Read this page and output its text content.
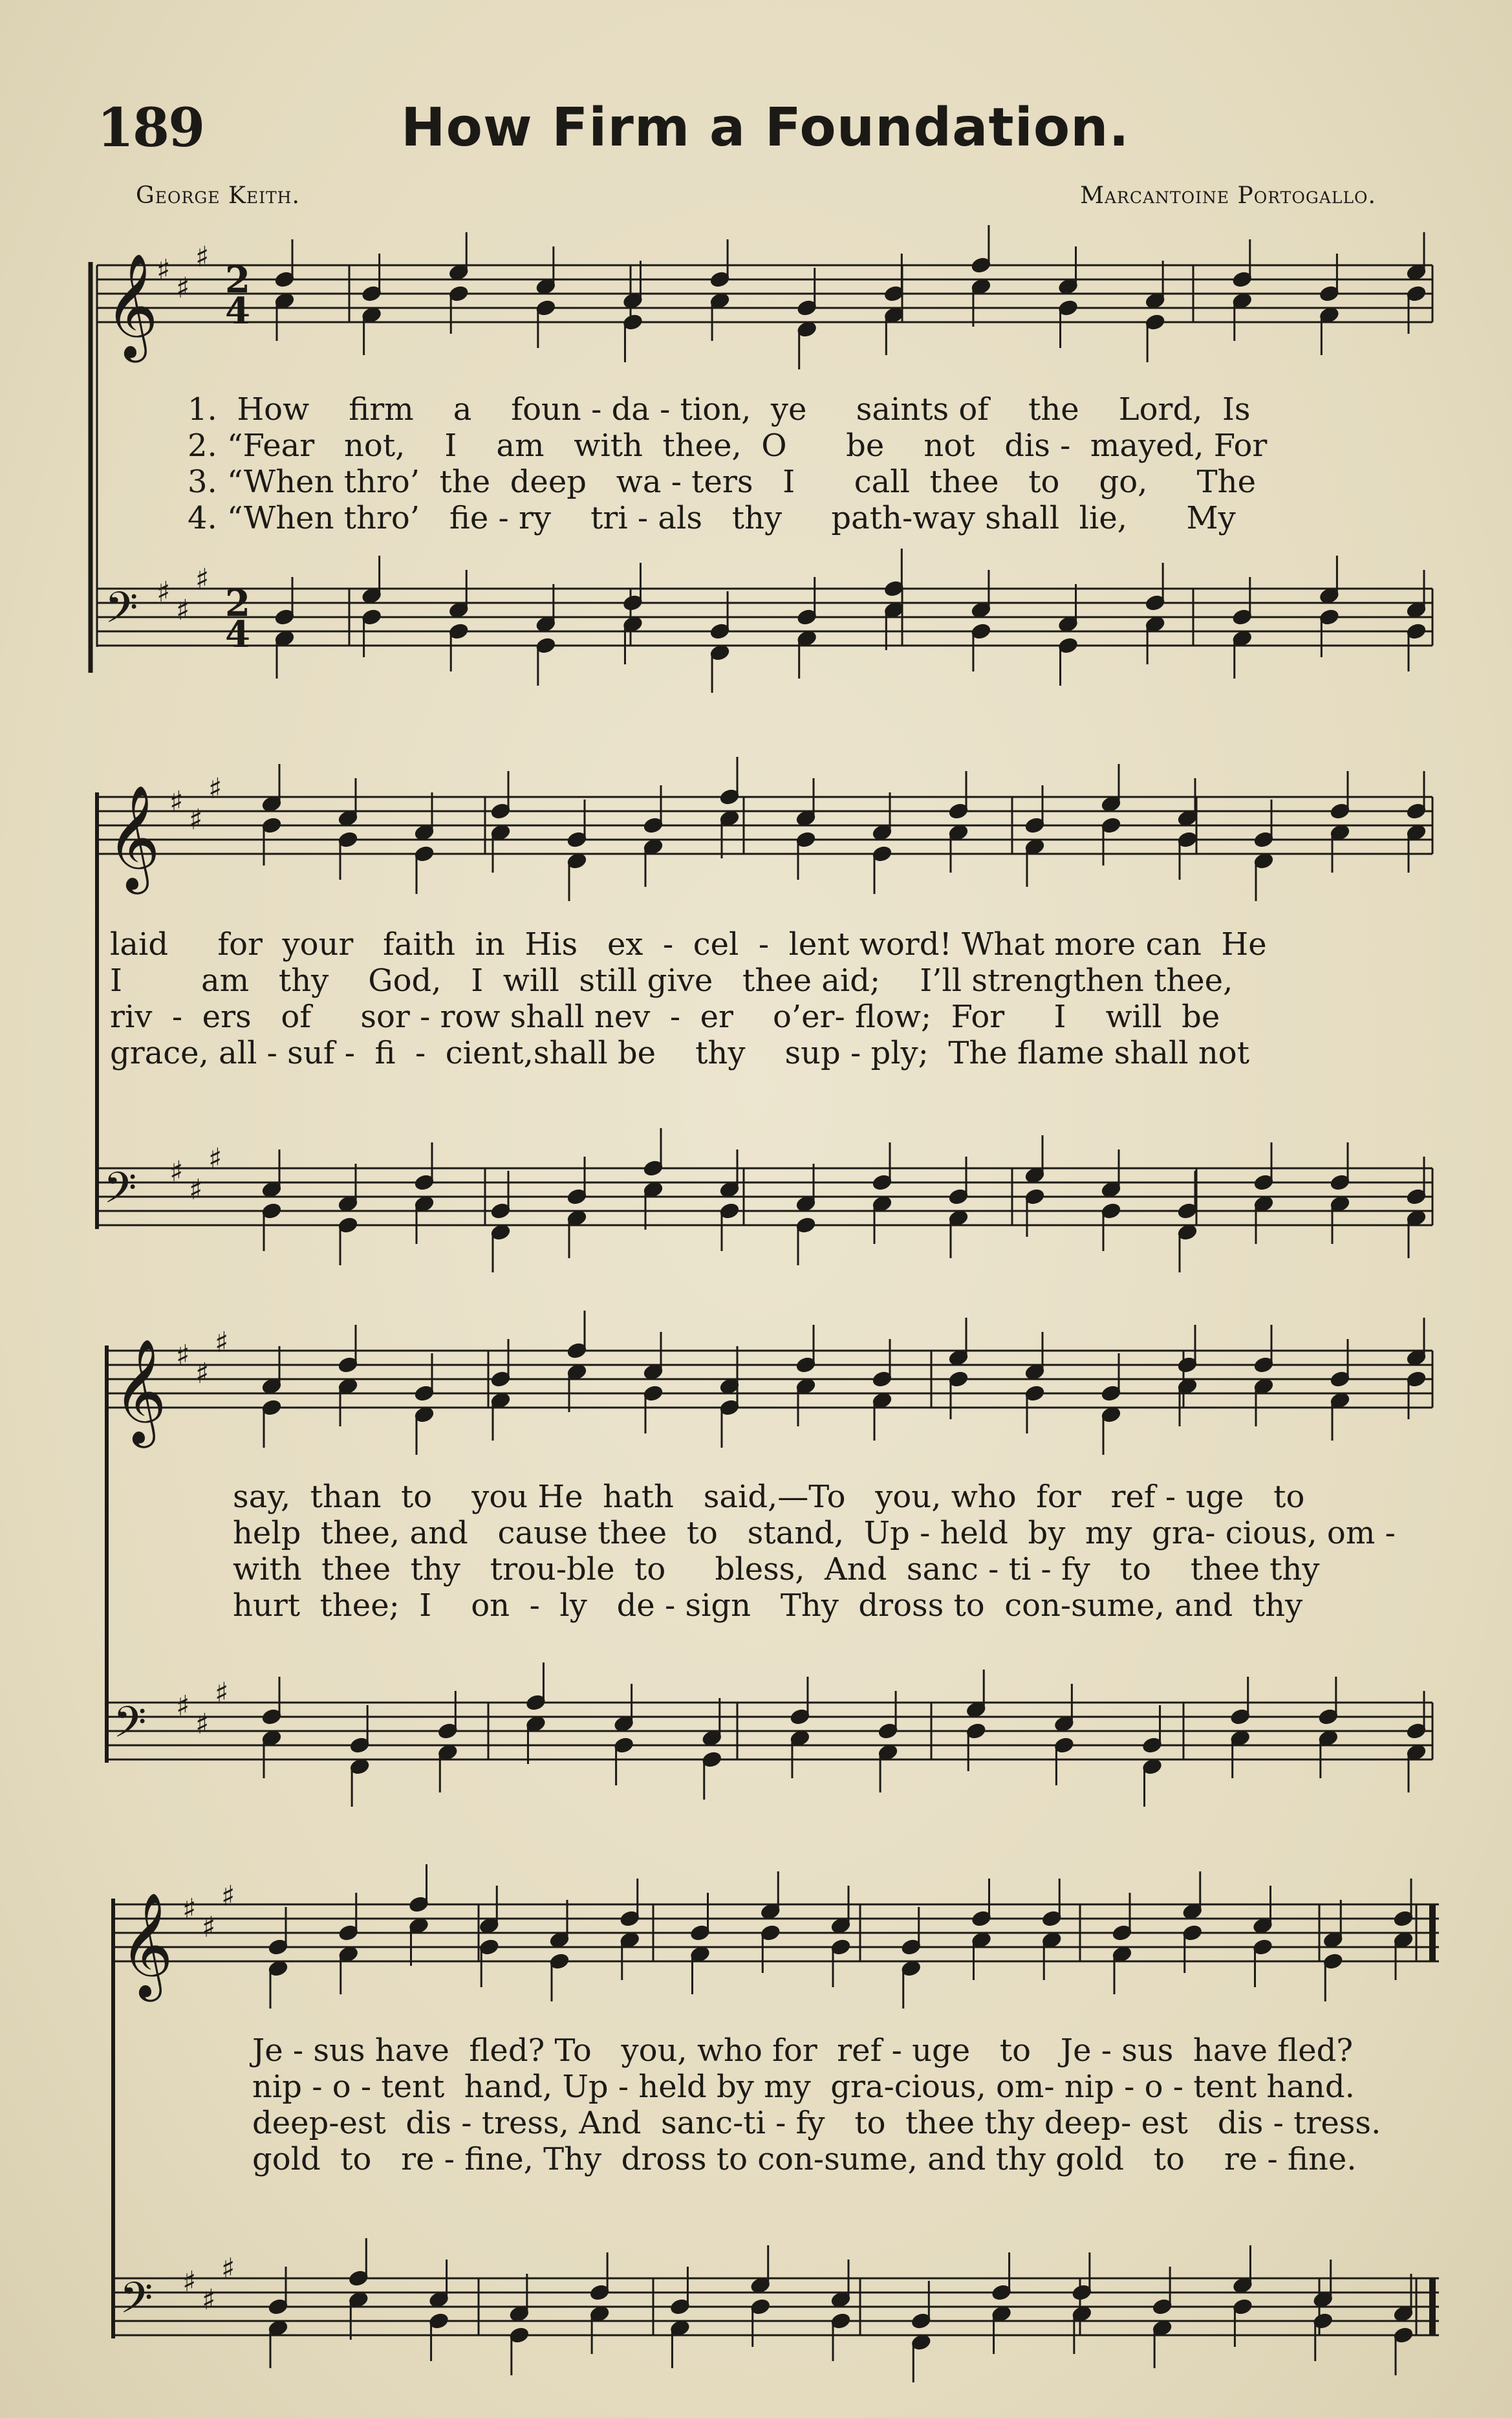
189	How Firm a Foundation.
George Keith.	Marcantoine Portogallo.
𝄞
𝄢
𝄞
𝄢
𝄞
𝄢
𝄞
𝄢
♯
♯
♯
♯
♯
♯
♯
♯
♯
♯
♯
♯
♯
♯
♯
♯
♯
♯
♯
♯
♯
♯
♯
♯
2
4
2
4
1.  How    firm    a    foun - da - tion,  ye     saints of    the    Lord,  Is
2. “Fear   not,    I    am   with  thee,  O      be    not   dis -  mayed, For
3. “When thro’  the  deep   wa - ters   I      call  thee   to    go,     The
4. “When thro’   fie - ry    tri - als   thy     path-way shall  lie,      My
laid     for  your   faith  in  His   ex  -  cel  -  lent word! What more can  He
I        am   thy    God,   I  will  still give   thee aid;    I’ll strengthen thee,
riv  -  ers   of     sor - row shall nev  -  er    o’er- flow;  For     I    will  be
grace, all - suf -  fi  -  cient,shall be    thy    sup - ply;  The flame shall not
say,  than  to    you He  hath   said,—To   you, who  for   ref - uge   to
help  thee, and   cause thee  to   stand,  Up - held  by  my  gra- cious, om -
with  thee  thy   trou-ble  to     bless,  And  sanc - ti - fy   to    thee thy
hurt  thee;  I    on  -  ly   de - sign   Thy  dross to  con-sume, and  thy
Je - sus have  fled? To   you, who for  ref - uge   to   Je - sus  have fled?
nip - o - tent  hand, Up - held by my  gra-cious, om- nip - o - tent hand.
deep-est  dis - tress, And  sanc-ti - fy   to  thee thy deep- est   dis - tress.
gold  to   re - fine, Thy  dross to con-sume, and thy gold   to    re - fine.
